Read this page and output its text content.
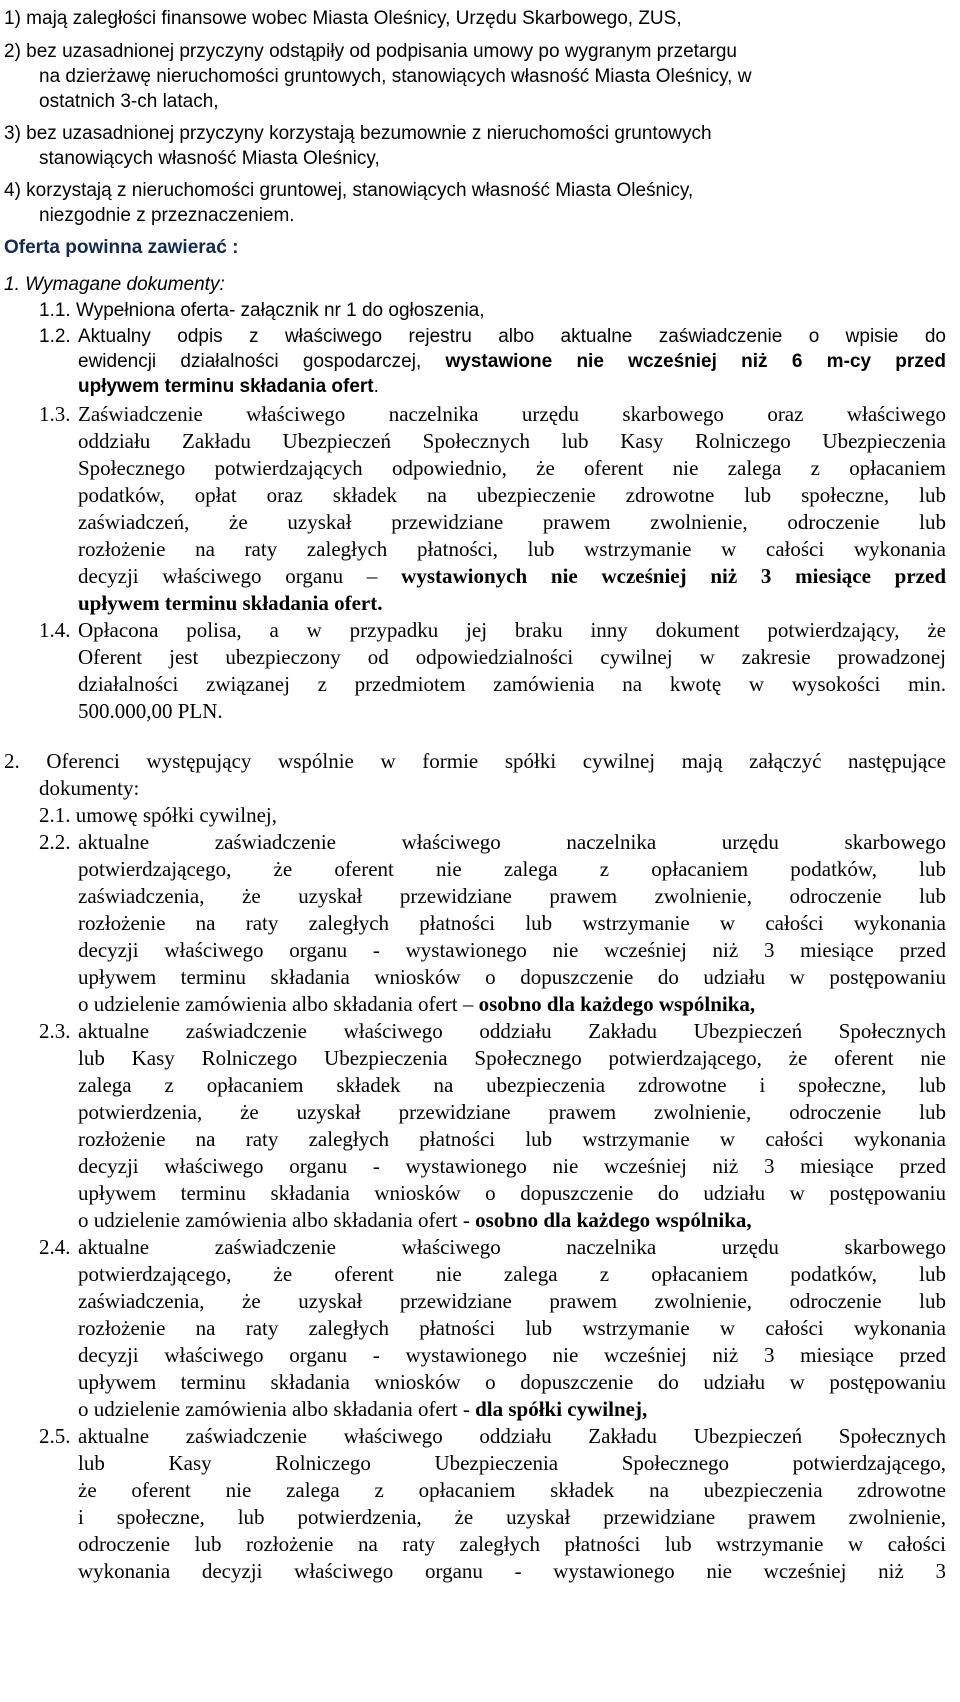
1) mają zaległości finansowe wobec Miasta Oleśnicy, Urzędu Skarbowego, ZUS,
2) bez uzasadnionej przyczyny odstąpiły od podpisania umowy po wygranym przetargu
na dzierżawę nieruchomości gruntowych, stanowiących własność Miasta Oleśnicy, w
ostatnich 3-ch latach,
3) bez uzasadnionej przyczyny korzystają bezumownie z nieruchomości gruntowych
stanowiących własność Miasta Oleśnicy,
4) korzystają z nieruchomości gruntowej, stanowiących własność Miasta Oleśnicy,
niezgodnie z przeznaczeniem.
Oferta powinna zawierać :
1. Wymagane dokumenty:
1.1. Wypełniona oferta- załącznik nr 1 do ogłoszenia,
1.2. Aktualny odpis z właściwego rejestru albo aktualne zaświadczenie o wpisie do
ewidencji działalności gospodarczej, wystawione nie wcześniej niż 6 m-cy przed
upływem terminu składania ofert.
1.3. Zaświadczenie właściwego naczelnika urzędu skarbowego oraz właściwego
oddziału Zakładu Ubezpieczeń Społecznych lub Kasy Rolniczego Ubezpieczenia
Społecznego potwierdzających odpowiednio, że oferent nie zalega z opłacaniem
podatków, opłat oraz składek na ubezpieczenie zdrowotne lub społeczne, lub
zaświadczeń, że uzyskał przewidziane prawem zwolnienie, odroczenie lub
rozłożenie na raty zaległych płatności, lub wstrzymanie w całości wykonania
decyzji właściwego organu – wystawionych nie wcześniej niż 3 miesiące przed
upływem terminu składania ofert.
1.4. Opłacona polisa, a w przypadku jej braku inny dokument potwierdzający, że
Oferent jest ubezpieczony od odpowiedzialności cywilnej w zakresie prowadzonej
działalności związanej z przedmiotem zamówienia na kwotę w wysokości min.
500.000,00 PLN.
2. Oferenci występujący wspólnie w formie spółki cywilnej mają załączyć następujące
dokumenty:
2.1. umowę spółki cywilnej,
2.2. aktualne zaświadczenie właściwego naczelnika urzędu skarbowego
potwierdzającego, że oferent nie zalega z opłacaniem podatków, lub
zaświadczenia, że uzyskał przewidziane prawem zwolnienie, odroczenie lub
rozłożenie na raty zaległych płatności lub wstrzymanie w całości wykonania
decyzji właściwego organu - wystawionego nie wcześniej niż 3 miesiące przed
upływem terminu składania wniosków o dopuszczenie do udziału w postępowaniu
o udzielenie zamówienia albo składania ofert – osobno dla każdego wspólnika,
2.3. aktualne zaświadczenie właściwego oddziału Zakładu Ubezpieczeń Społecznych
lub Kasy Rolniczego Ubezpieczenia Społecznego potwierdzającego, że oferent nie
zalega z opłacaniem składek na ubezpieczenia zdrowotne i społeczne, lub
potwierdzenia, że uzyskał przewidziane prawem zwolnienie, odroczenie lub
rozłożenie na raty zaległych płatności lub wstrzymanie w całości wykonania
decyzji właściwego organu - wystawionego nie wcześniej niż 3 miesiące przed
upływem terminu składania wniosków o dopuszczenie do udziału w postępowaniu
o udzielenie zamówienia albo składania ofert - osobno dla każdego wspólnika,
2.4. aktualne zaświadczenie właściwego naczelnika urzędu skarbowego
potwierdzającego, że oferent nie zalega z opłacaniem podatków, lub
zaświadczenia, że uzyskał przewidziane prawem zwolnienie, odroczenie lub
rozłożenie na raty zaległych płatności lub wstrzymanie w całości wykonania
decyzji właściwego organu - wystawionego nie wcześniej niż 3 miesiące przed
upływem terminu składania wniosków o dopuszczenie do udziału w postępowaniu
o udzielenie zamówienia albo składania ofert - dla spółki cywilnej,
2.5. aktualne zaświadczenie właściwego oddziału Zakładu Ubezpieczeń Społecznych
lub Kasy Rolniczego Ubezpieczenia Społecznego potwierdzającego,
że oferent nie zalega z opłacaniem składek na ubezpieczenia zdrowotne
i społeczne, lub potwierdzenia, że uzyskał przewidziane prawem zwolnienie,
odroczenie lub rozłożenie na raty zaległych płatności lub wstrzymanie w całości
wykonania decyzji właściwego organu - wystawionego nie wcześniej niż 3
